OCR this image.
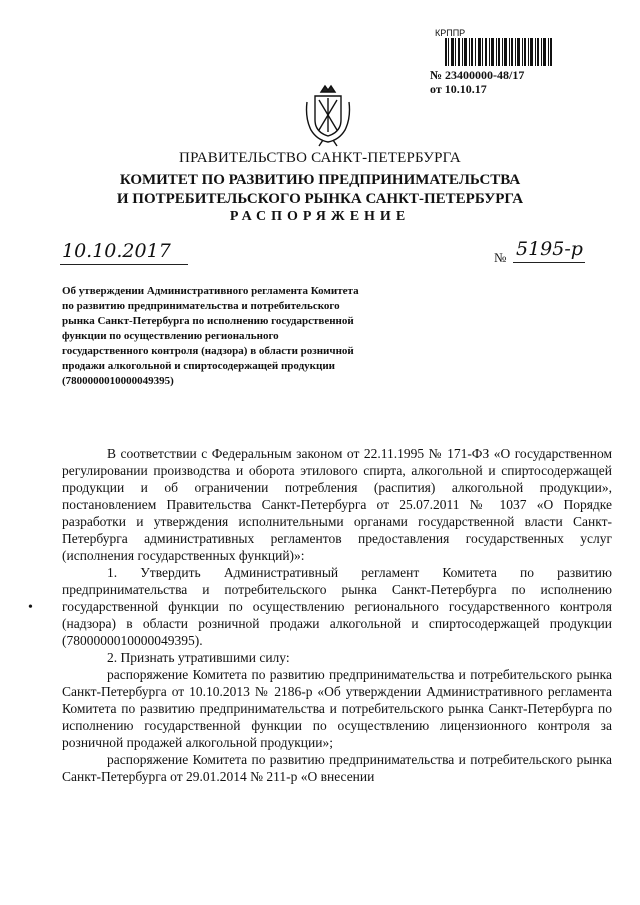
КРППР
№ 23400000-48/17
от 10.10.17
ПРАВИТЕЛЬСТВО САНКТ-ПЕТЕРБУРГА
КОМИТЕТ ПО РАЗВИТИЮ ПРЕДПРИНИМАТЕЛЬСТВА
И ПОТРЕБИТЕЛЬСКОГО РЫНКА САНКТ-ПЕТЕРБУРГА
РАСПОРЯЖЕНИЕ
10.10.2017	№ 5195-р
Об утверждении Административного регламента Комитета по развитию предпринимательства и потребительского рынка Санкт-Петербурга по исполнению государственной функции по осуществлению регионального государственного контроля (надзора) в области розничной продажи алкогольной и спиртосодержащей продукции (7800000010000049395)
•

В соответствии с Федеральным законом от 22.11.1995 № 171-ФЗ «О государственном регулировании производства и оборота этилового спирта, алкогольной и спиртосодержащей продукции и об ограничении потребления (распития) алкогольной продукции», постановлением Правительства Санкт-Петербурга от 25.07.2011 № 1037 «О Порядке разработки и утверждения исполнительными органами государственной власти Санкт-Петербурга административных регламентов предоставления государственных услуг (исполнения государственных функций)»:

1. Утвердить Административный регламент Комитета по развитию предпринимательства и потребительского рынка Санкт-Петербурга по исполнению государственной функции по осуществлению регионального государственного контроля (надзора) в области розничной продажи алкогольной и спиртосодержащей продукции (7800000010000049395).

2. Признать утратившими силу:

распоряжение Комитета по развитию предпринимательства и потребительского рынка Санкт-Петербурга от 10.10.2013 № 2186-р «Об утверждении Административного регламента Комитета по развитию предпринимательства и потребительского рынка Санкт-Петербурга по исполнению государственной функции по осуществлению лицензионного контроля за розничной продажей алкогольной продукции»;

распоряжение Комитета по развитию предпринимательства и потребительского рынка Санкт-Петербурга от 29.01.2014 № 211-р «О внесении
